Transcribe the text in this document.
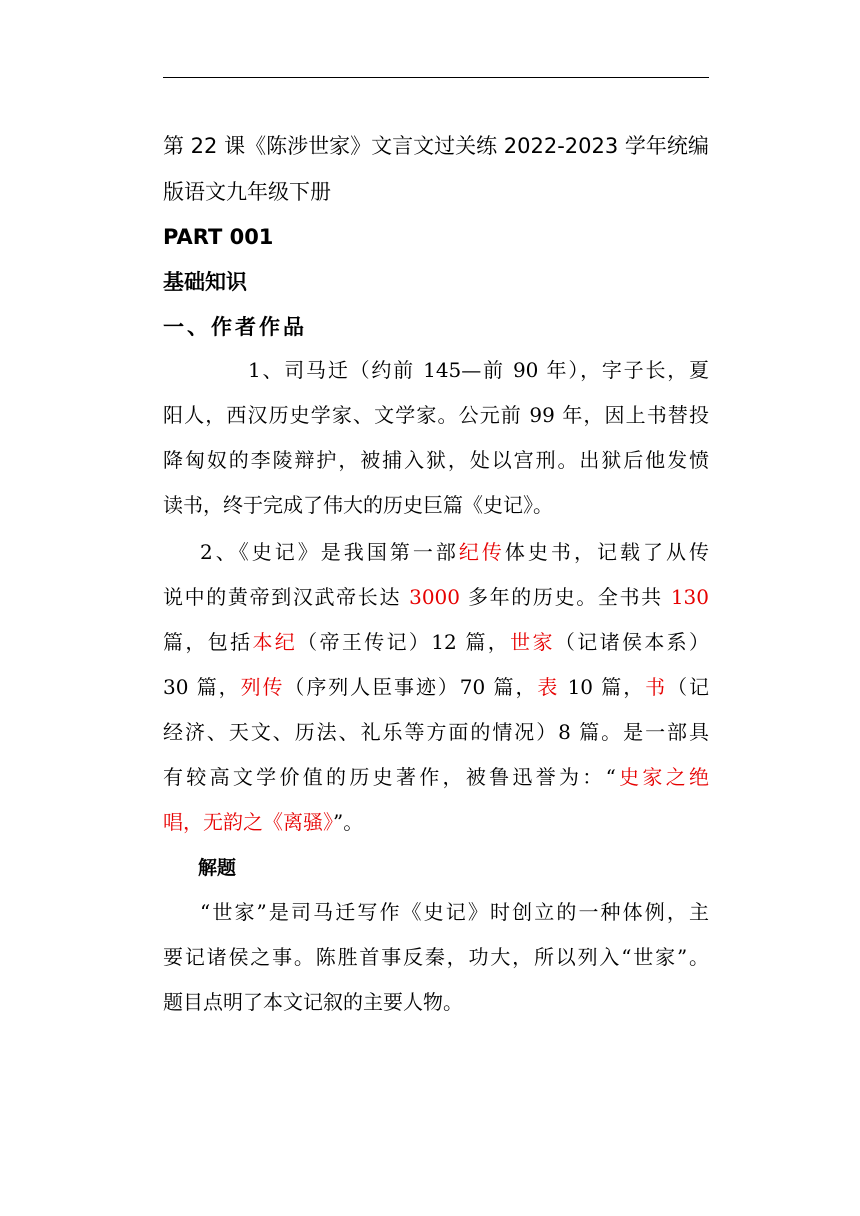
第 22 课《陈涉世家》文言文过关练 2022-2023 学年统编
版语文九年级下册
PART 001
基础知识
一、作者作品
1、司马迁（约前 145—前 90 年），字子长，夏
阳人，西汉历史学家、文学家。公元前 99 年，因上书替投
降匈奴的李陵辩护，被捕入狱，处以宫刑。出狱后他发愤
读书，终于完成了伟大的历史巨篇《史记》。
2、《史记》是我国第一部纪传体史书，记载了从传
说中的黄帝到汉武帝长达 3000 多年的历史。全书共 130
篇，包括本纪（帝王传记）12 篇，世家（记诸侯本系）
30 篇，列传（序列人臣事迹）70 篇，表 10 篇，书（记
经济、天文、历法、礼乐等方面的情况）8 篇。是一部具
有较高文学价值的历史著作，被鲁迅誉为：“史家之绝
唱，无韵之《离骚》”。
解题
“世家”是司马迁写作《史记》时创立的一种体例，主
要记诸侯之事。陈胜首事反秦，功大，所以列入“世家”。
题目点明了本文记叙的主要人物。
